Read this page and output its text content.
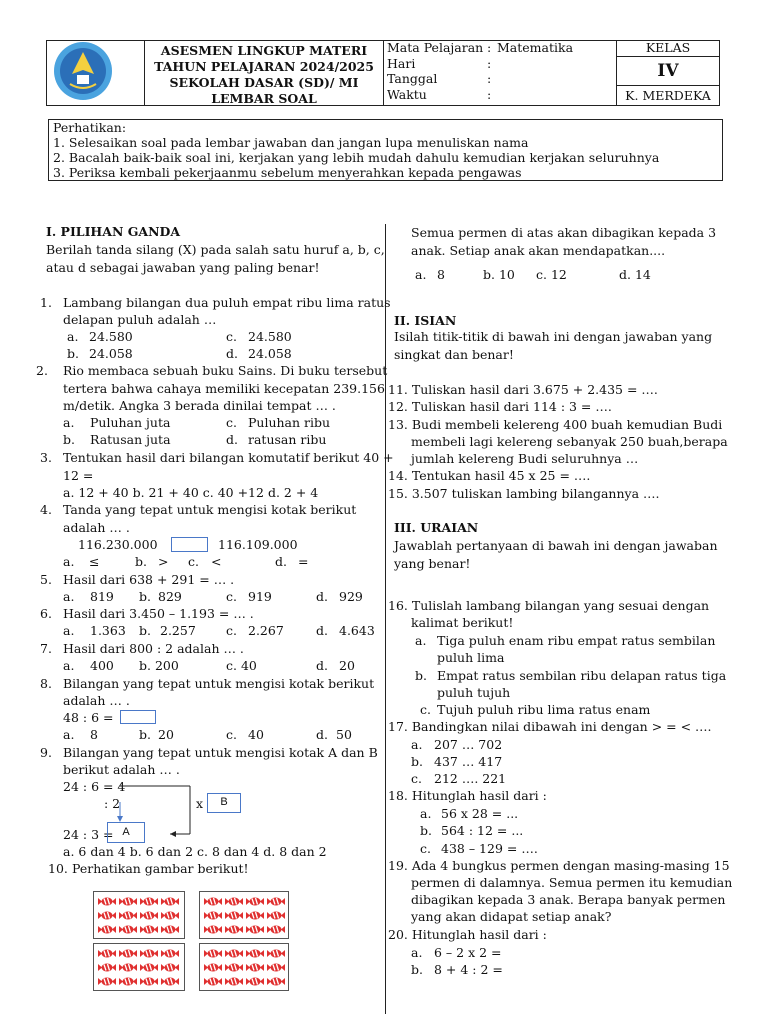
ASESMEN LINGKUP MATERI
TAHUN PELAJARAN 2024/2025
SEKOLAH DASAR (SD)/ MI
LEMBAR SOAL
Mata Pelajaran : Matematika
Hari	:
Tanggal	:
Waktu	:
KELAS
IV
K. MERDEKA
Perhatikan:
1. Selesaikan soal pada lembar jawaban dan jangan lupa menuliskan nama
2. Bacalah baik-baik soal ini, kerjakan yang lebih mudah dahulu kemudian kerjakan seluruhnya
3. Periksa kembali pekerjaanmu sebelum menyerahkan kepada pengawas
I. PILIHAN GANDA
Berilah tanda silang (X) pada salah satu huruf a, b, c,
atau d sebagai jawaban yang paling benar!
1. Lambang bilangan dua puluh empat ribu lima ratus
delapan puluh adalah …
a. 24.580	c. 24.580
b. 24.058	d. 24.058
2. Rio membaca sebuah buku Sains. Di buku tersebut
tertera bahwa cahaya memiliki kecepatan 239.156
m/detik. Angka 3 berada dinilai tempat … .
a. Puluhan juta	c. Puluhan ribu
b. Ratusan juta	d. ratusan ribu
3. Tentukan hasil dari bilangan komutatif berikut 40 +
12 =
a. 12 + 40 b. 21 + 40 c. 40 +12 d. 2 + 4
4. Tanda yang tepat untuk mengisi kotak berikut
adalah … .
116.230.000	116.109.000
a. ≤	b. > c. <	d. =
5. Hasil dari 638 + 291 = … .
a. 819 b. 829	c. 919	d. 929
6. Hasil dari 3.450 – 1.193 = … .
a. 1.363 b. 2.257 c. 2.267	d. 4.643
7. Hasil dari 800 : 2 adalah … .
a. 400 b. 200	c. 40	d. 20
8. Bilangan yang tepat untuk mengisi kotak berikut
adalah … .
48 : 6 =
a. 8	b. 20	c. 40	d. 50
9. Bilangan yang tepat untuk mengisi kotak A dan B
berikut adalah … .
24 : 6 = 4
: 2
24 : 3 =
x	B
A
a. 6 dan 4 b. 6 dan 2 c. 8 dan 4 d. 8 dan 2
10. Perhatikan gambar berikut!
Semua permen di atas akan dibagikan kepada 3
anak. Setiap anak akan mendapatkan....
a. 8	b. 10 c. 12	d. 14
II. ISIAN
Isilah titik-titik di bawah ini dengan jawaban yang
singkat dan benar!
11. Tuliskan hasil dari 3.675 + 2.435 = ….
12. Tuliskan hasil dari 114 : 3 = ….
13. Budi membeli kelereng 400 buah kemudian Budi
membeli lagi kelereng sebanyak 250 buah,berapa
jumlah kelereng Budi seluruhnya …
14. Tentukan hasil 45 x 25 = ….
15. 3.507 tuliskan lambing bilangannya ….
III. URAIAN
Jawablah pertanyaan di bawah ini dengan jawaban
yang benar!
16. Tulislah lambang bilangan yang sesuai dengan
kalimat berikut!
a. Tiga puluh enam ribu empat ratus sembilan
puluh lima
b. Empat ratus sembilan ribu delapan ratus tiga
puluh tujuh
c. Tujuh puluh ribu lima ratus enam
17. Bandingkan nilai dibawah ini dengan > = < ….
a. 207 … 702
b. 437 … 417
c. 212 …. 221
18. Hitunglah hasil dari :
a. 56 x 28 = ...
b. 564 : 12 = ...
c. 438 – 129 = ….
19. Ada 4 bungkus permen dengan masing-masing 15
permen di dalamnya. Semua permen itu kemudian
dibagikan kepada 3 anak. Berapa banyak permen
yang akan didapat setiap anak?
20. Hitunglah hasil dari :
a. 6 – 2 x 2 =
b. 8 + 4 : 2 =
